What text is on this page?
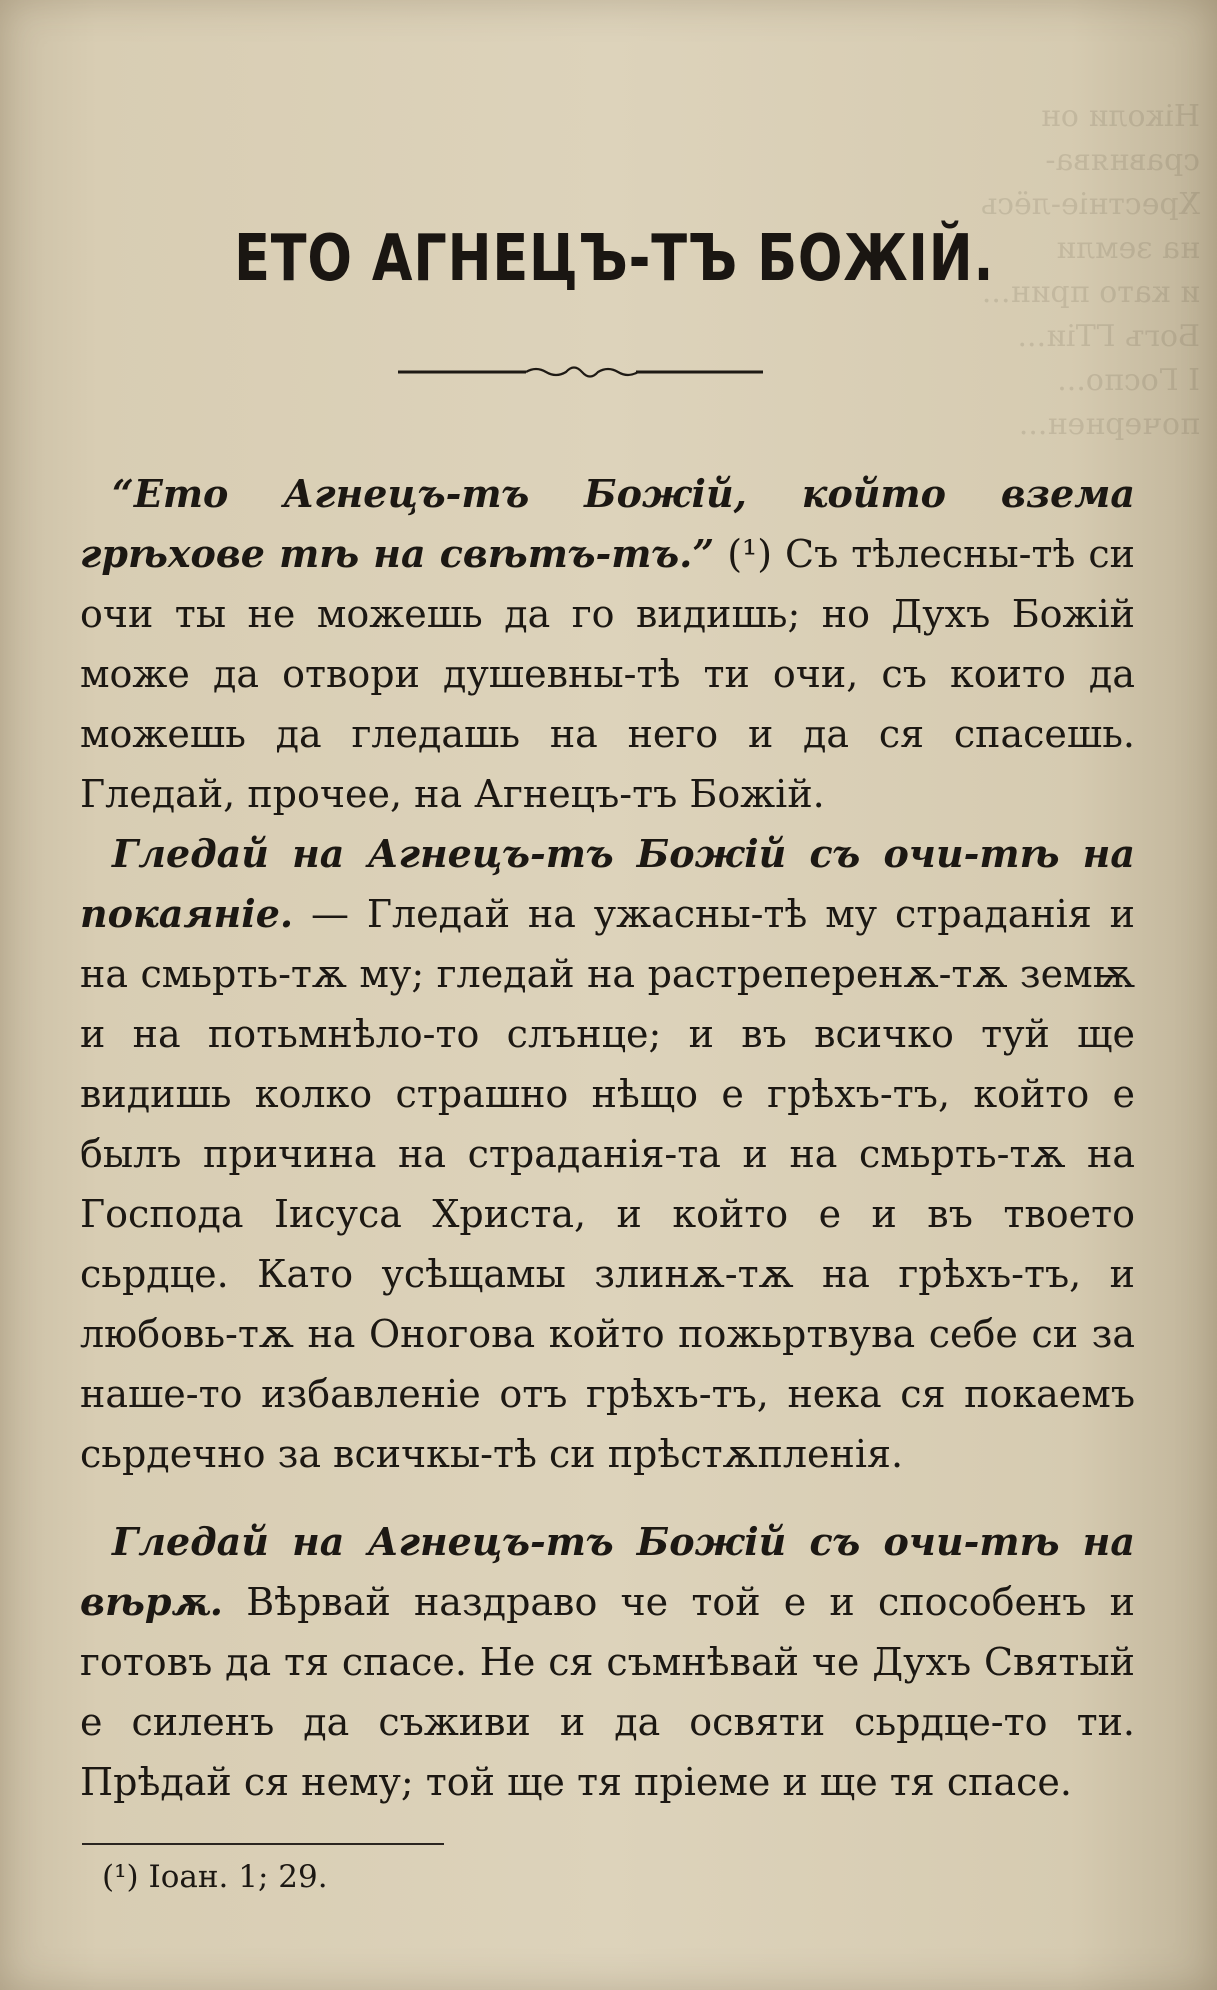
Ніколи он сравнява-
Хрестніе-лёсь на земли
и като прин...
Богъ ГТіи...
І Госпо...
почернен...
ЕТО АГНЕЦЪ-ТЪ БОЖІЙ.

“Ето Агнецъ-тъ Божій, който взема грѣхове тѣ на свѣтъ-тъ.” (¹) Съ тѣлесны-тѣ си очи ты не можешь да го видишь; но Духъ Божій може да отвори душевны-тѣ ти очи, съ които да можешь да гледашь на него и да ся спасешь. Гледай, прочее, на Агнецъ-тъ Божій.

Гледай на Агнецъ-тъ Божій съ очи-тѣ на покаяніе. — Гледай на ужасны-тѣ му страданія и на смьрть-тѫ му; гледай на растреперенѫ-тѫ земѭ и на потьмнѣло-то слънце; и въ всичко туй ще видишь колко страшно нѣщо е грѣхъ-тъ, който е былъ причина на страданія-та и на смьрть-тѫ на Господа Іисуса Христа, и който е и въ твоето сьрдце. Като усѣщамы злинѫ-тѫ на грѣхъ-тъ, и любовь-тѫ на Оногова който пожьртвува себе си за наше-то избавленіе отъ грѣхъ-тъ, нека ся покаемъ сьрдечно за всичкы-тѣ си прѣстѫпленія.

Гледай на Агнецъ-тъ Божій съ очи-тѣ на вѣрѫ. Вѣрвай наздраво че той е и способенъ и готовъ да тя спасе. Не ся съмнѣвай че Духъ Святый е силенъ да съживи и да освяти сьрдце-то ти. Прѣдай ся нему; той ще тя пріеме и ще тя спасе.

(¹) Іоан. 1; 29.
